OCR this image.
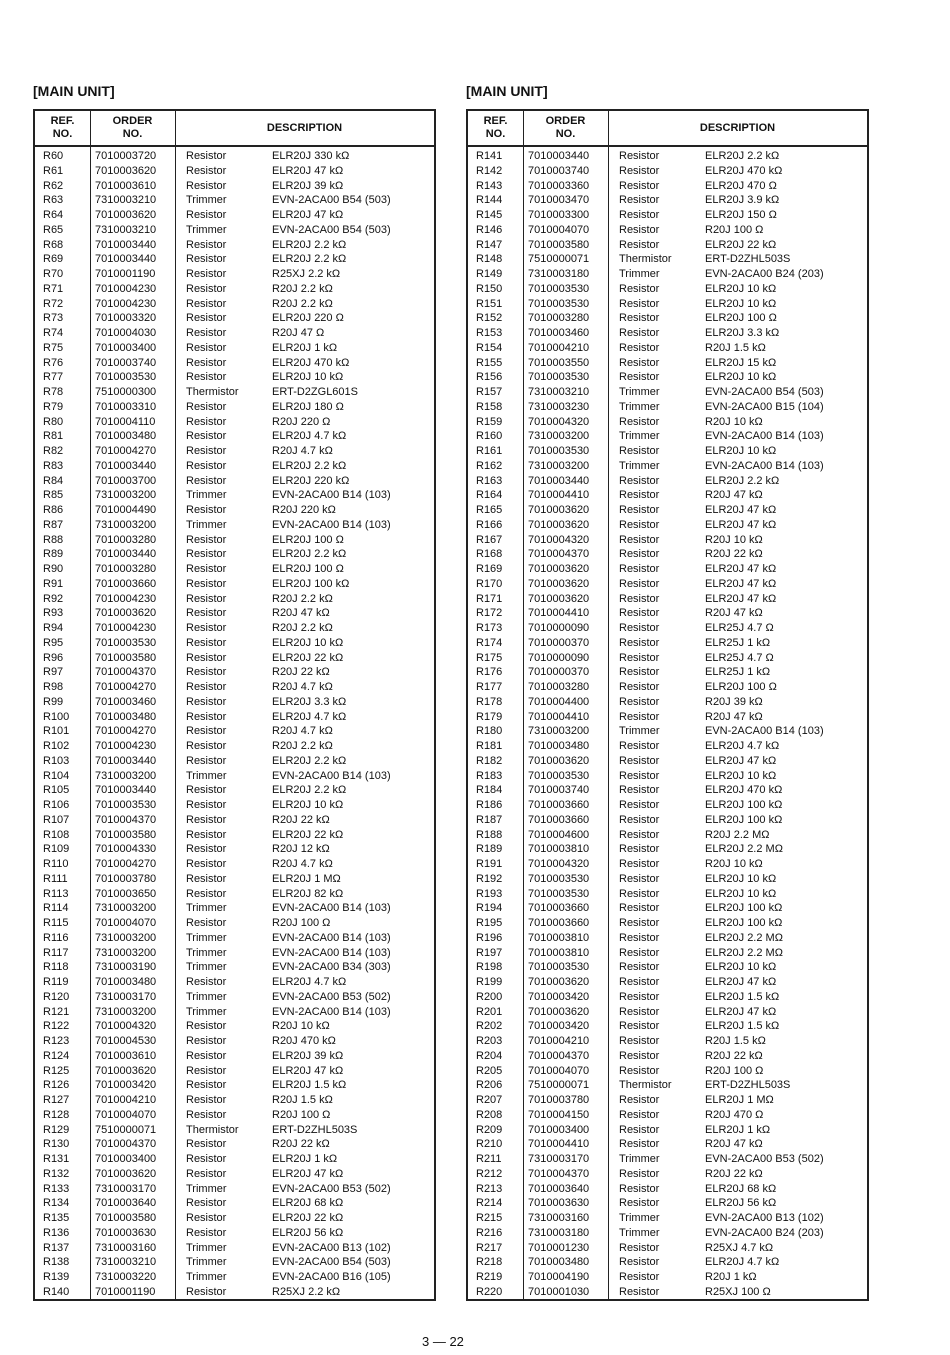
[MAIN UNIT]	[MAIN UNIT]
REF.
NO.
ORDER
NO.
DESCRIPTION
R60	7010003720	Resistor	ELR20J 330 kΩ
R61	7010003620	Resistor	ELR20J 47 kΩ
R62	7010003610	Resistor	ELR20J 39 kΩ
R63	7310003210	Trimmer	EVN-2ACA00 B54 (503)
R64	7010003620	Resistor	ELR20J 47 kΩ
R65	7310003210	Trimmer	EVN-2ACA00 B54 (503)
R68	7010003440	Resistor	ELR20J 2.2 kΩ
R69	7010003440	Resistor	ELR20J 2.2 kΩ
R70	7010001190	Resistor	R25XJ 2.2 kΩ
R71	7010004230	Resistor	R20J 2.2 kΩ
R72	7010004230	Resistor	R20J 2.2 kΩ
R73	7010003320	Resistor	ELR20J 220 Ω
R74	7010004030	Resistor	R20J 47 Ω
R75	7010003400	Resistor	ELR20J 1 kΩ
R76	7010003740	Resistor	ELR20J 470 kΩ
R77	7010003530	Resistor	ELR20J 10 kΩ
R78	7510000300	Thermistor	ERT-D2ZGL601S
R79	7010003310	Resistor	ELR20J 180 Ω
R80	7010004110	Resistor	R20J 220 Ω
R81	7010003480	Resistor	ELR20J 4.7 kΩ
R82	7010004270	Resistor	R20J 4.7 kΩ
R83	7010003440	Resistor	ELR20J 2.2 kΩ
R84	7010003700	Resistor	ELR20J 220 kΩ
R85	7310003200	Trimmer	EVN-2ACA00 B14 (103)
R86	7010004490	Resistor	R20J 220 kΩ
R87	7310003200	Trimmer	EVN-2ACA00 B14 (103)
R88	7010003280	Resistor	ELR20J 100 Ω
R89	7010003440	Resistor	ELR20J 2.2 kΩ
R90	7010003280	Resistor	ELR20J 100 Ω
R91	7010003660	Resistor	ELR20J 100 kΩ
R92	7010004230	Resistor	R20J 2.2 kΩ
R93	7010003620	Resistor	R20J 47 kΩ
R94	7010004230	Resistor	R20J 2.2 kΩ
R95	7010003530	Resistor	ELR20J 10 kΩ
R96	7010003580	Resistor	ELR20J 22 kΩ
R97	7010004370	Resistor	R20J 22 kΩ
R98	7010004270	Resistor	R20J 4.7 kΩ
R99	7010003460	Resistor	ELR20J 3.3 kΩ
R100 7010003480	Resistor	ELR20J 4.7 kΩ
R101 7010004270	Resistor	R20J 4.7 kΩ
R102 7010004230	Resistor	R20J 2.2 kΩ
R103 7010003440	Resistor	ELR20J 2.2 kΩ
R104 7310003200	Trimmer	EVN-2ACA00 B14 (103)
R105 7010003440	Resistor	ELR20J 2.2 kΩ
R106 7010003530	Resistor	ELR20J 10 kΩ
R107 7010004370	Resistor	R20J 22 kΩ
R108 7010003580	Resistor	ELR20J 22 kΩ
R109 7010004330	Resistor	R20J 12 kΩ
R110 7010004270	Resistor	R20J 4.7 kΩ
R111 7010003780	Resistor	ELR20J 1 MΩ
R113 7010003650	Resistor	ELR20J 82 kΩ
R114 7310003200	Trimmer	EVN-2ACA00 B14 (103)
R115 7010004070	Resistor	R20J 100 Ω
R116 7310003200	Trimmer	EVN-2ACA00 B14 (103)
R117 7310003200	Trimmer	EVN-2ACA00 B14 (103)
R118 7310003190	Trimmer	EVN-2ACA00 B34 (303)
R119 7010003480	Resistor	ELR20J 4.7 kΩ
R120 7310003170	Trimmer	EVN-2ACA00 B53 (502)
R121 7310003200	Trimmer	EVN-2ACA00 B14 (103)
R122 7010004320	Resistor	R20J 10 kΩ
R123 7010004530	Resistor	R20J 470 kΩ
R124 7010003610	Resistor	ELR20J 39 kΩ
R125 7010003620	Resistor	ELR20J 47 kΩ
R126 7010003420	Resistor	ELR20J 1.5 kΩ
R127 7010004210	Resistor	R20J 1.5 kΩ
R128 7010004070	Resistor	R20J 100 Ω
R129 7510000071	Thermistor	ERT-D2ZHL503S
R130 7010004370	Resistor	R20J 22 kΩ
R131 7010003400	Resistor	ELR20J 1 kΩ
R132 7010003620	Resistor	ELR20J 47 kΩ
R133 7310003170	Trimmer	EVN-2ACA00 B53 (502)
R134 7010003640	Resistor	ELR20J 68 kΩ
R135 7010003580	Resistor	ELR20J 22 kΩ
R136 7010003630	Resistor	ELR20J 56 kΩ
R137 7310003160	Trimmer	EVN-2ACA00 B13 (102)
R138 7310003210	Trimmer	EVN-2ACA00 B54 (503)
R139 7310003220	Trimmer	EVN-2ACA00 B16 (105)
R140 7010001190	Resistor	R25XJ 2.2 kΩ
REF.
NO.
ORDER
NO.
DESCRIPTION
R141 7010003440	Resistor	ELR20J 2.2 kΩ
R142 7010003740	Resistor	ELR20J 470 kΩ
R143 7010003360	Resistor	ELR20J 470 Ω
R144 7010003470	Resistor	ELR20J 3.9 kΩ
R145 7010003300	Resistor	ELR20J 150 Ω
R146 7010004070	Resistor	R20J 100 Ω
R147 7010003580	Resistor	ELR20J 22 kΩ
R148 7510000071	Thermistor	ERT-D2ZHL503S
R149 7310003180	Trimmer	EVN-2ACA00 B24 (203)
R150 7010003530	Resistor	ELR20J 10 kΩ
R151 7010003530	Resistor	ELR20J 10 kΩ
R152 7010003280	Resistor	ELR20J 100 Ω
R153 7010003460	Resistor	ELR20J 3.3 kΩ
R154 7010004210	Resistor	R20J 1.5 kΩ
R155 7010003550	Resistor	ELR20J 15 kΩ
R156 7010003530	Resistor	ELR20J 10 kΩ
R157 7310003210	Trimmer	EVN-2ACA00 B54 (503)
R158 7310003230	Trimmer	EVN-2ACA00 B15 (104)
R159 7010004320	Resistor	R20J 10 kΩ
R160 7310003200	Trimmer	EVN-2ACA00 B14 (103)
R161 7010003530	Resistor	ELR20J 10 kΩ
R162 7310003200	Trimmer	EVN-2ACA00 B14 (103)
R163 7010003440	Resistor	ELR20J 2.2 kΩ
R164 7010004410	Resistor	R20J 47 kΩ
R165 7010003620	Resistor	ELR20J 47 kΩ
R166 7010003620	Resistor	ELR20J 47 kΩ
R167 7010004320	Resistor	R20J 10 kΩ
R168 7010004370	Resistor	R20J 22 kΩ
R169 7010003620	Resistor	ELR20J 47 kΩ
R170 7010003620	Resistor	ELR20J 47 kΩ
R171 7010003620	Resistor	ELR20J 47 kΩ
R172 7010004410	Resistor	R20J 47 kΩ
R173 7010000090	Resistor	ELR25J 4.7 Ω
R174 7010000370	Resistor	ELR25J 1 kΩ
R175 7010000090	Resistor	ELR25J 4.7 Ω
R176 7010000370	Resistor	ELR25J 1 kΩ
R177 7010003280	Resistor	ELR20J 100 Ω
R178 7010004400	Resistor	R20J 39 kΩ
R179 7010004410	Resistor	R20J 47 kΩ
R180 7310003200	Trimmer	EVN-2ACA00 B14 (103)
R181 7010003480	Resistor	ELR20J 4.7 kΩ
R182 7010003620	Resistor	ELR20J 47 kΩ
R183 7010003530	Resistor	ELR20J 10 kΩ
R184 7010003740	Resistor	ELR20J 470 kΩ
R186 7010003660	Resistor	ELR20J 100 kΩ
R187 7010003660	Resistor	ELR20J 100 kΩ
R188 7010004600	Resistor	R20J 2.2 MΩ
R189 7010003810	Resistor	ELR20J 2.2 MΩ
R191 7010004320	Resistor	R20J 10 kΩ
R192 7010003530	Resistor	ELR20J 10 kΩ
R193 7010003530	Resistor	ELR20J 10 kΩ
R194 7010003660	Resistor	ELR20J 100 kΩ
R195 7010003660	Resistor	ELR20J 100 kΩ
R196 7010003810	Resistor	ELR20J 2.2 MΩ
R197 7010003810	Resistor	ELR20J 2.2 MΩ
R198 7010003530	Resistor	ELR20J 10 kΩ
R199 7010003620	Resistor	ELR20J 47 kΩ
R200 7010003420	Resistor	ELR20J 1.5 kΩ
R201 7010003620	Resistor	ELR20J 47 kΩ
R202 7010003420	Resistor	ELR20J 1.5 kΩ
R203 7010004210	Resistor	R20J 1.5 kΩ
R204 7010004370	Resistor	R20J 22 kΩ
R205 7010004070	Resistor	R20J 100 Ω
R206 7510000071	Thermistor	ERT-D2ZHL503S
R207 7010003780	Resistor	ELR20J 1 MΩ
R208 7010004150	Resistor	R20J 470 Ω
R209 7010003400	Resistor	ELR20J 1 kΩ
R210 7010004410	Resistor	R20J 47 kΩ
R211 7310003170	Trimmer	EVN-2ACA00 B53 (502)
R212 7010004370	Resistor	R20J 22 kΩ
R213 7010003640	Resistor	ELR20J 68 kΩ
R214 7010003630	Resistor	ELR20J 56 kΩ
R215 7310003160	Trimmer	EVN-2ACA00 B13 (102)
R216 7310003180	Trimmer	EVN-2ACA00 B24 (203)
R217 7010001230	Resistor	R25XJ 4.7 kΩ
R218 7010003480	Resistor	ELR20J 4.7 kΩ
R219 7010004190	Resistor	R20J 1 kΩ
R220 7010001030	Resistor	R25XJ 100 Ω
3 — 22
